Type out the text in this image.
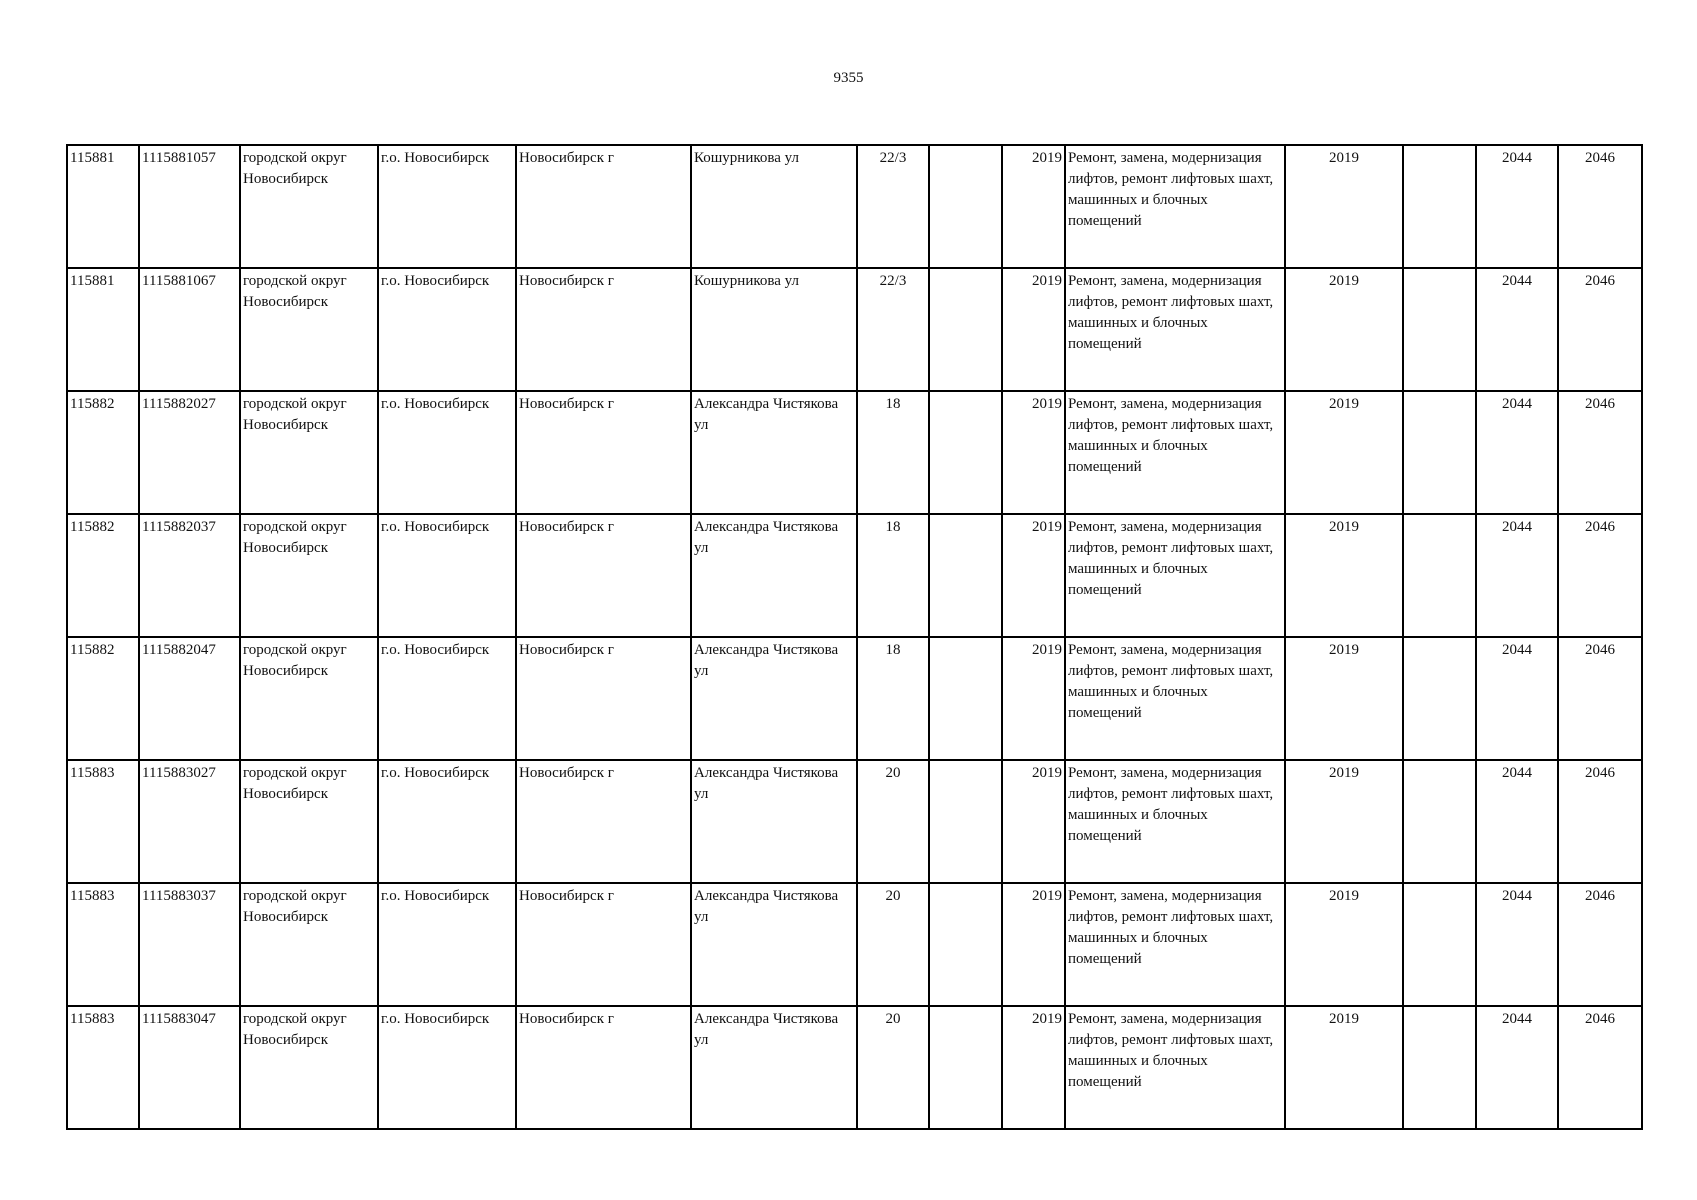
9355
115881	1115881057	городской округ Новосибирск	г.о. Новосибирск	Новосибирск г	Кошурникова ул	22/3		2019	Ремонт, замена, модернизация лифтов, ремонт лифтовых шахт, машинных и блочных помещений	2019		2044	2046
115881	1115881067	городской округ Новосибирск	г.о. Новосибирск	Новосибирск г	Кошурникова ул	22/3		2019	Ремонт, замена, модернизация лифтов, ремонт лифтовых шахт, машинных и блочных помещений	2019		2044	2046
115882	1115882027	городской округ Новосибирск	г.о. Новосибирск	Новосибирск г	Александра Чистякова ул	18		2019	Ремонт, замена, модернизация лифтов, ремонт лифтовых шахт, машинных и блочных помещений	2019		2044	2046
115882	1115882037	городской округ Новосибирск	г.о. Новосибирск	Новосибирск г	Александра Чистякова ул	18		2019	Ремонт, замена, модернизация лифтов, ремонт лифтовых шахт, машинных и блочных помещений	2019		2044	2046
115882	1115882047	городской округ Новосибирск	г.о. Новосибирск	Новосибирск г	Александра Чистякова ул	18		2019	Ремонт, замена, модернизация лифтов, ремонт лифтовых шахт, машинных и блочных помещений	2019		2044	2046
115883	1115883027	городской округ Новосибирск	г.о. Новосибирск	Новосибирск г	Александра Чистякова ул	20		2019	Ремонт, замена, модернизация лифтов, ремонт лифтовых шахт, машинных и блочных помещений	2019		2044	2046
115883	1115883037	городской округ Новосибирск	г.о. Новосибирск	Новосибирск г	Александра Чистякова ул	20		2019	Ремонт, замена, модернизация лифтов, ремонт лифтовых шахт, машинных и блочных помещений	2019		2044	2046
115883	1115883047	городской округ Новосибирск	г.о. Новосибирск	Новосибирск г	Александра Чистякова ул	20		2019	Ремонт, замена, модернизация лифтов, ремонт лифтовых шахт, машинных и блочных помещений	2019		2044	2046
